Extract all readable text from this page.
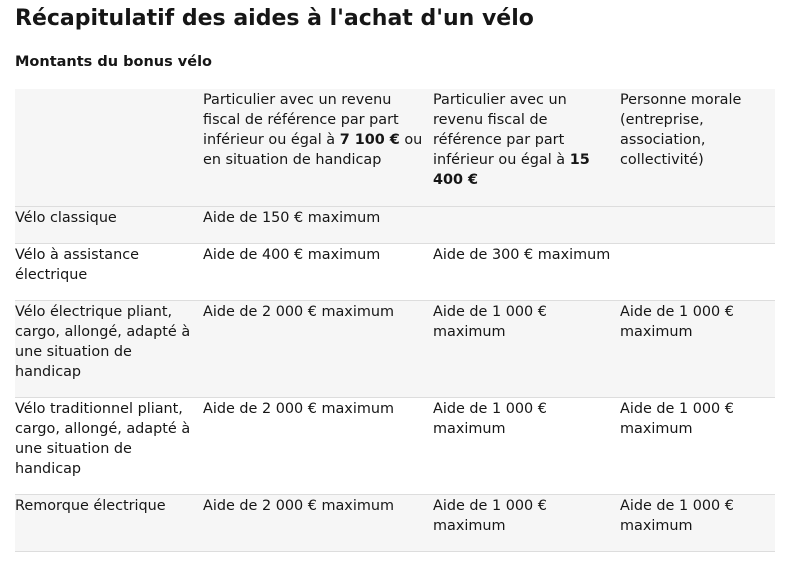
Récapitulatif des aides à l'achat d'un vélo
Montants du bonus vélo
	Particulier avec un revenu fiscal de référence par part inférieur ou égal à 7 100 € ou en situation de handicap	Particulier avec un revenu fiscal de référence par part inférieur ou égal à 15 400 €	Personne morale (entreprise, association, collectivité)
Vélo classique	Aide de 150 € maximum		
Vélo à assistance électrique	Aide de 400 € maximum	Aide de 300 € maximum	
Vélo électrique pliant, cargo, allongé, adapté à une situation de handicap	Aide de 2 000 € maximum	Aide de 1 000 € maximum	Aide de 1 000 € maximum
Vélo traditionnel pliant, cargo, allongé, adapté à une situation de handicap	Aide de 2 000 € maximum	Aide de 1 000 € maximum	Aide de 1 000 € maximum
Remorque électrique	Aide de 2 000 € maximum	Aide de 1 000 € maximum	Aide de 1 000 € maximum
